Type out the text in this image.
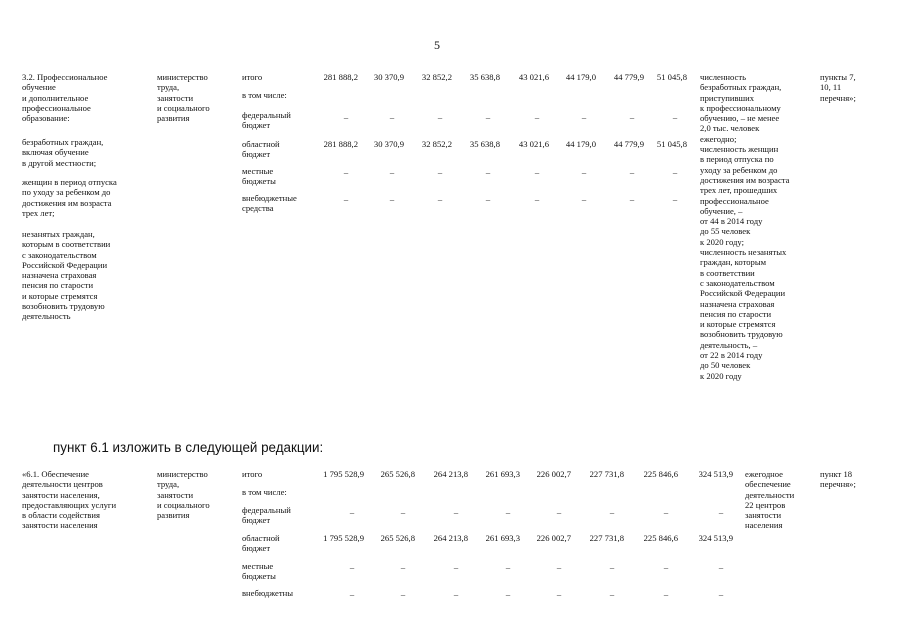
5
3.2. Профессиональное
обучение
и дополнительное
профессиональное
образование:
безработных граждан,
включая обучение
в другой местности;
женщин в период отпуска
по уходу за ребенком до
достижения им возраста
трех лет;
незанятых граждан,
которым в соответствии
с законодательством
Российской Федерации
назначена страховая
пенсия по старости
и которые стремятся
возобновить трудовую
деятельность
министерство
труда,
занятости
и социального
развития
итого
в том числе:
федеральный
бюджет
областной
бюджет
местные
бюджеты
внебюджетные
средства
численность
безработных граждан,
приступивших
к профессиональному
обучению, – не менее
2,0 тыс. человек
ежегодно;
численность женщин
в период отпуска по
уходу за ребенком до
достижения им возраста
трех лет, прошедших
профессиональное
обучение, –
от 44 в 2014 году
до 55 человек
к 2020 году;
численность незанятых
граждан, которым
в соответствии
с законодательством
Российской Федерации
назначена страховая
пенсия по старости
и которые стремятся
возобновить трудовую
деятельность, –
от 22 в 2014 году
до 50 человек
к 2020 году
пункты 7,
10, 11
перечня»;
пункт 6.1 изложить в следующей редакции:
«6.1. Обеспечение
деятельности центров
занятости населения,
предоставляющих услуги
в области содействия
занятости населения
министерство
труда,
занятости
и социального
развития
итого
в том числе:
федеральный
бюджет
областной
бюджет
местные
бюджеты
внебюджетны
ежегодное
обеспечение
деятельности
22 центров
занятости
населения
пункт 18
перечня»;
281 888,2
–
281 888,2
–
–
30 370,9
–
30 370,9
–
–
32 852,2
–
32 852,2
–
–
35 638,8
–
35 638,8
–
–
43 021,6
–
43 021,6
–
–
44 179,0
–
44 179,0
–
–
44 779,9
–
44 779,9
–
–
51 045,8
–
51 045,8
–
–
1 795 528,9
–
1 795 528,9
–
–
265 526,8
–
265 526,8
–
–
264 213,8
–
264 213,8
–
–
261 693,3
–
261 693,3
–
–
226 002,7
–
226 002,7
–
–
227 731,8
–
227 731,8
–
–
225 846,6
–
225 846,6
–
–
324 513,9
–
324 513,9
–
–
